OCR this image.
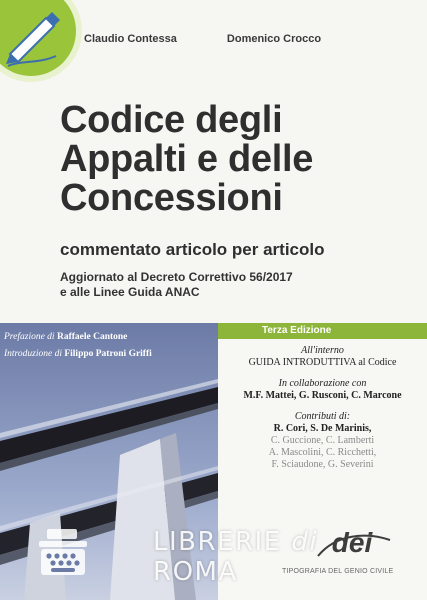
Claudio Contessa	Domenico Crocco
Codice degli
Appalti e delle
Concessioni
commentato articolo per articolo
Aggiornato al Decreto Correttivo 56/2017
e alle Linee Guida ANAC
Prefazione di Raffaele Cantone
Introduzione di Filippo Patroni Griffi
Terza Edizione
All'interno
GUIDA INTRODUTTIVA al Codice
In collaborazione con
M.F. Mattei, G. Rusconi, C. Marcone
Contributi di:
R. Cori, S. De Marinis,
C. Guccione, C. Lamberti
A. Mascolini, C. Ricchetti,
F. Sciaudone, G. Severini
dei
TIPOGRAFIA DEL GENIO CIVILE
LIBRERIE di ROMA
